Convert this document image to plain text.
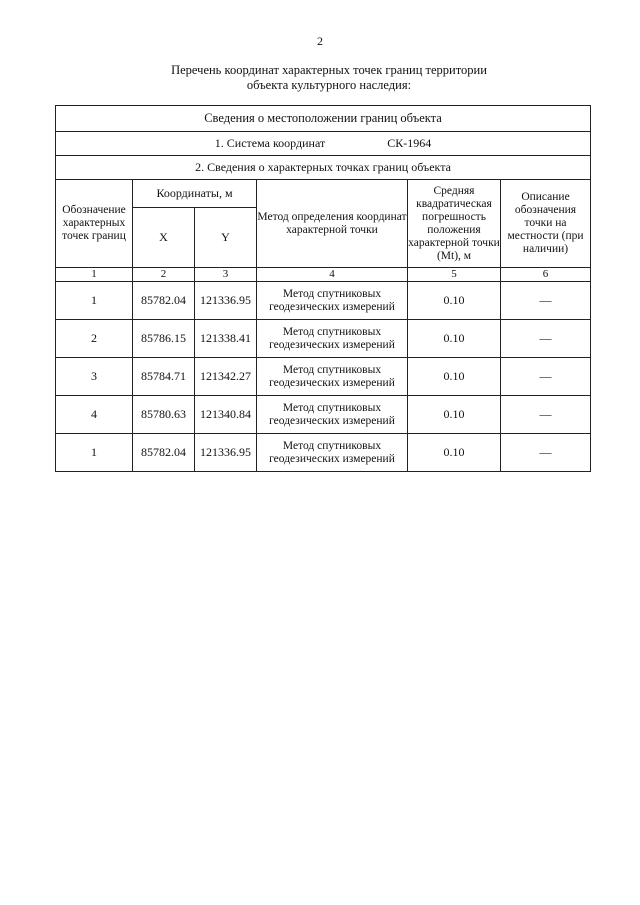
2
Перечень координат характерных точек границ территории
объекта культурного наследия:
Сведения о местоположении границ объекта					
1. Система координат СК-1964					
2. Сведения о характерных точках границ объекта					
Обозначение характерных точек границ	Координаты, м		Метод определения координат характерной точки	Средняя квадратическая погрешность положения характерной точки (Mt), м	Описание обозначения точки на местности (при наличии)
	X	Y			
1	2	3	4	5	6
1	85782.04	121336.95	Метод спутниковых геодезических измерений	0.10	—
2	85786.15	121338.41	Метод спутниковых геодезических измерений	0.10	—
3	85784.71	121342.27	Метод спутниковых геодезических измерений	0.10	—
4	85780.63	121340.84	Метод спутниковых геодезических измерений	0.10	—
1	85782.04	121336.95	Метод спутниковых геодезических измерений	0.10	—
